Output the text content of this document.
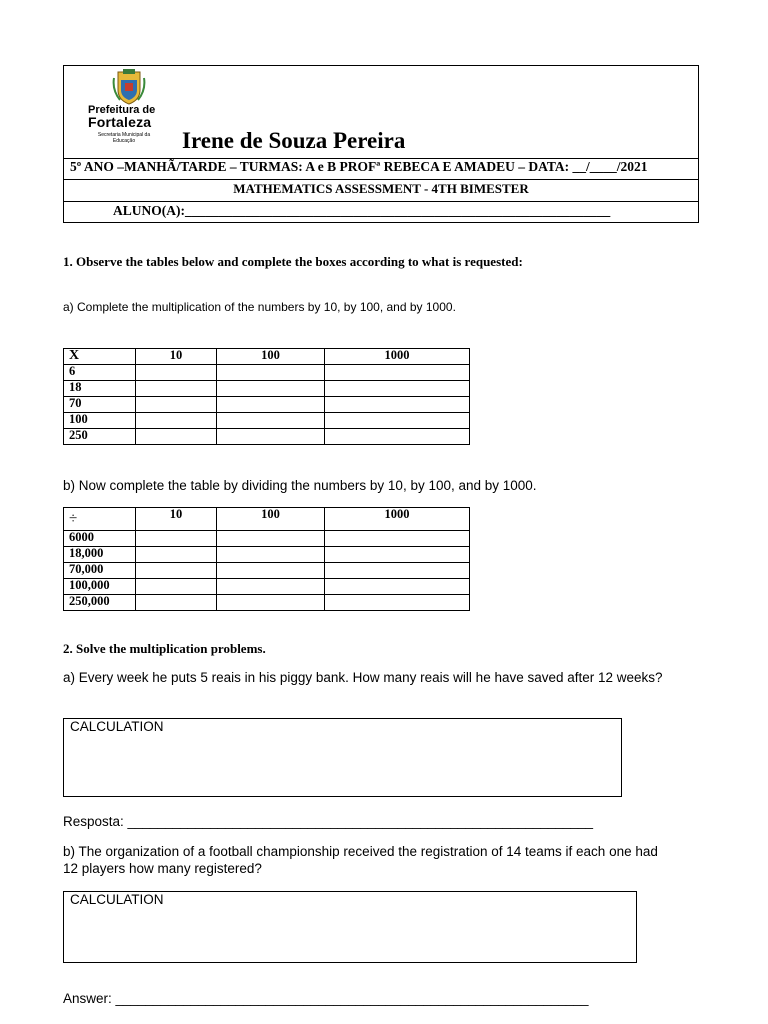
Prefeitura de
Fortaleza
Secretaria Municipal da Educação	Irene de Souza Pereira
5º ANO –MANHÃ/TARDE – TURMAS: A e B PROFª REBECA E AMADEU – DATA: __/____/2021
MATHEMATICS ASSESSMENT - 4TH BIMESTER
ALUNO(A):_______________________________________________________________
1. Observe the tables below and complete the boxes according to what is requested:
a) Complete the multiplication of the numbers by 10, by 100, and by 1000.
X	10	100	1000
6			
18			
70			
100			
250			
b) Now complete the table by dividing the numbers by 10, by 100, and by 1000.
÷	10	100	1000
6000			
18,000			
70,000			
100,000			
250,000			
2. Solve the multiplication problems.
a) Every week he puts 5 reais in his piggy bank. How many reais will he have saved after 12 weeks?
CALCULATION
Resposta: ______________________________________________________________
b) The organization of a football championship received the registration of 14 teams if each one had
12 players how many registered?
CALCULATION
Answer: _______________________________________________________________
